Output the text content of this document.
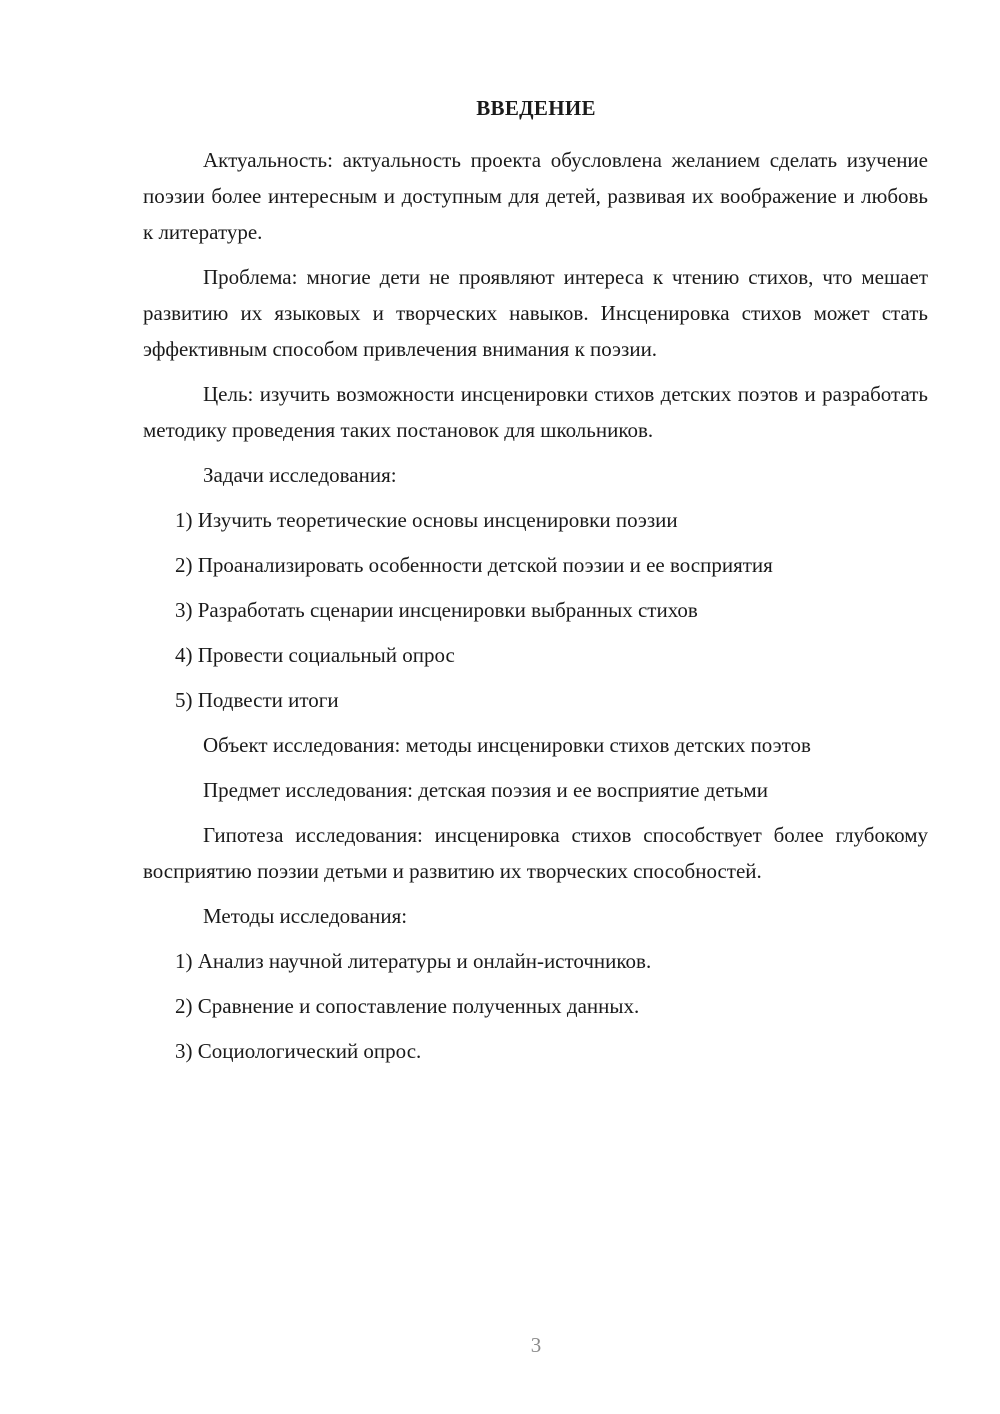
ВВЕДЕНИЕ

Актуальность: актуальность проекта обусловлена желанием сделать изучение поэзии более интересным и доступным для детей, развивая их воображение и любовь к литературе.

Проблема: многие дети не проявляют интереса к чтению стихов, что мешает развитию их языковых и творческих навыков. Инсценировка стихов может стать эффективным способом привлечения внимания к поэзии.

Цель: изучить возможности инсценировки стихов детских поэтов и разработать методику проведения таких постановок для школьников.

Задачи исследования:

1) Изучить теоретические основы инсценировки поэзии
2) Проанализировать особенности детской поэзии и ее восприятия
3) Разработать сценарии инсценировки выбранных стихов
4) Провести социальный опрос
5) Подвести итоги

Объект исследования: методы инсценировки стихов детских поэтов

Предмет исследования: детская поэзия и ее восприятие детьми

Гипотеза исследования: инсценировка стихов способствует более глубокому восприятию поэзии детьми и развитию их творческих способностей.

Методы исследования:

1) Анализ научной литературы и онлайн-источников.
2) Сравнение и сопоставление полученных данных.
3) Социологический опрос.
3
